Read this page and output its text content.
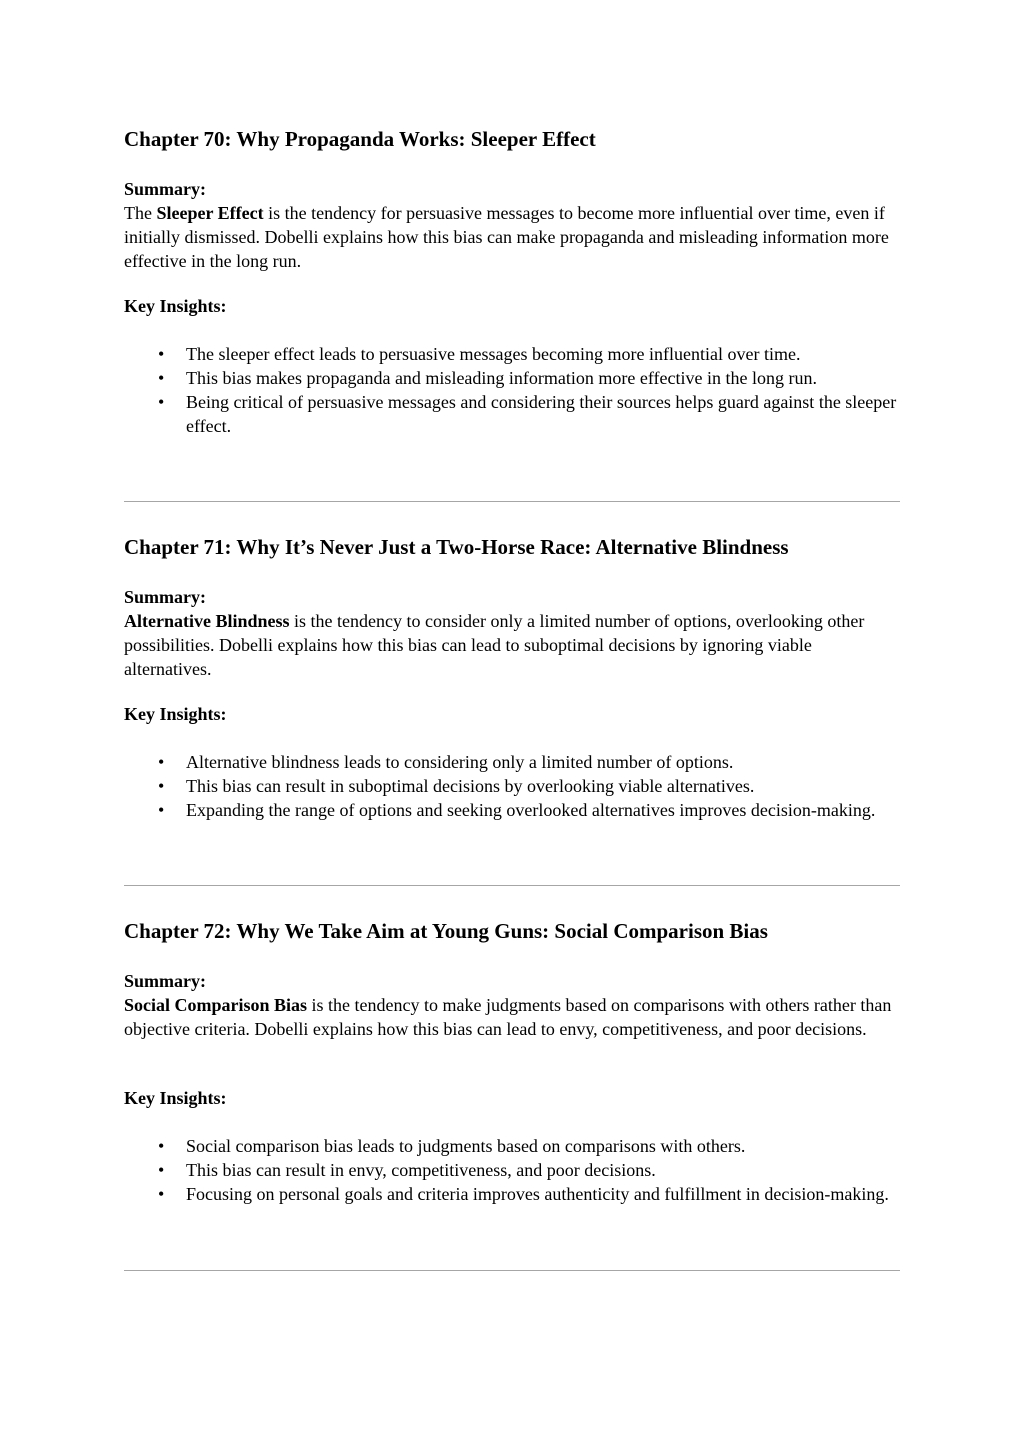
Chapter 70: Why Propaganda Works: Sleeper Effect
Summary:

The Sleeper Effect is the tendency for persuasive messages to become more influential over time, even if initially dismissed. Dobelli explains how this bias can make propaganda and misleading information more effective in the long run.

Key Insights:
• The sleeper effect leads to persuasive messages becoming more influential over time.
• This bias makes propaganda and misleading information more effective in the long run.
• Being critical of persuasive messages and considering their sources helps guard against the sleeper effect.
Chapter 71: Why It’s Never Just a Two-Horse Race: Alternative Blindness
Summary:

Alternative Blindness is the tendency to consider only a limited number of options, overlooking other possibilities. Dobelli explains how this bias can lead to suboptimal decisions by ignoring viable alternatives.

Key Insights:
• Alternative blindness leads to considering only a limited number of options.
• This bias can result in suboptimal decisions by overlooking viable alternatives.
• Expanding the range of options and seeking overlooked alternatives improves decision-making.
Chapter 72: Why We Take Aim at Young Guns: Social Comparison Bias
Summary:

Social Comparison Bias is the tendency to make judgments based on comparisons with others rather than objective criteria. Dobelli explains how this bias can lead to envy, competitiveness, and poor decisions.

Key Insights:
• Social comparison bias leads to judgments based on comparisons with others.
• This bias can result in envy, competitiveness, and poor decisions.
• Focusing on personal goals and criteria improves authenticity and fulfillment in decision-making.
